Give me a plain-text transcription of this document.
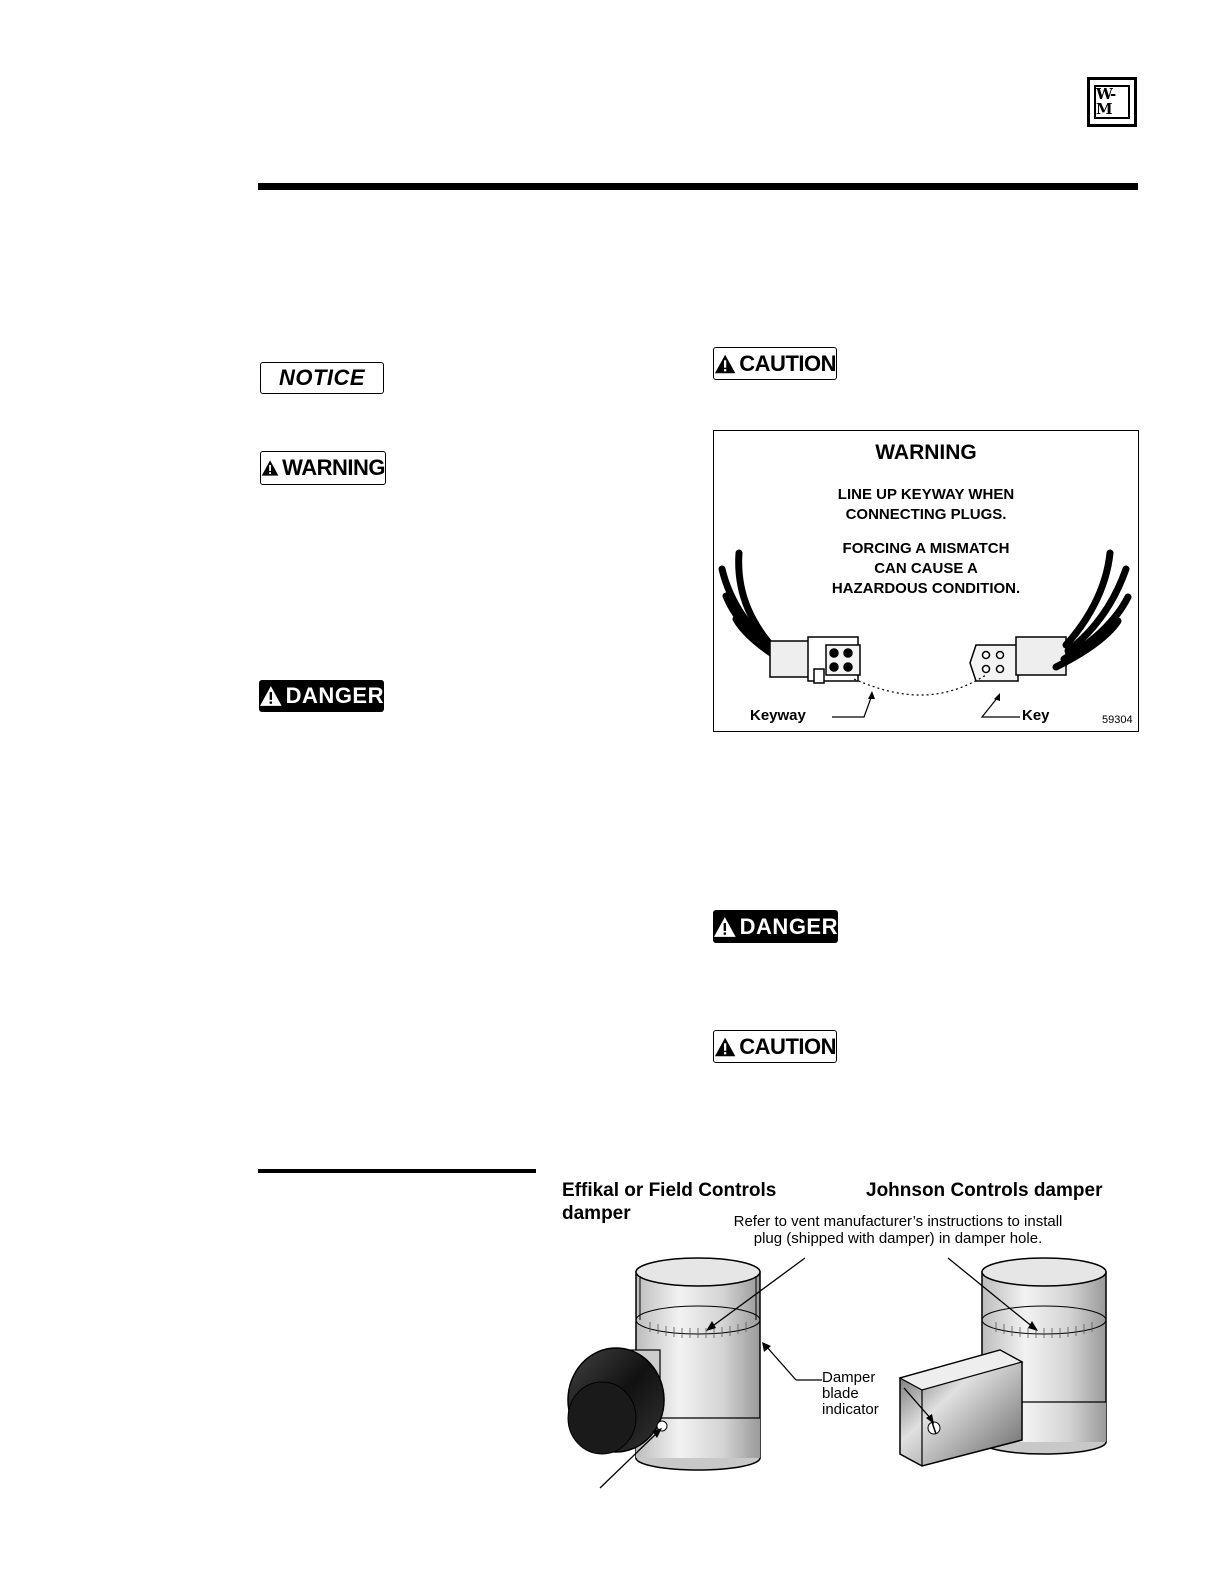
W-M
NOTICE
WARNING
DANGER
CAUTION
WARNING
LINE UP KEYWAY WHEN
CONNECTING PLUGS.
FORCING A MISMATCH
CAN CAUSE A
HAZARDOUS CONDITION.
Keyway	Key	59304
DANGER
CAUTION
Effikal or Field Controls damper
Johnson Controls damper
Refer to vent manufacturer’s instructions to install
plug (shipped with damper) in damper hole.
Damper
blade
indicator
